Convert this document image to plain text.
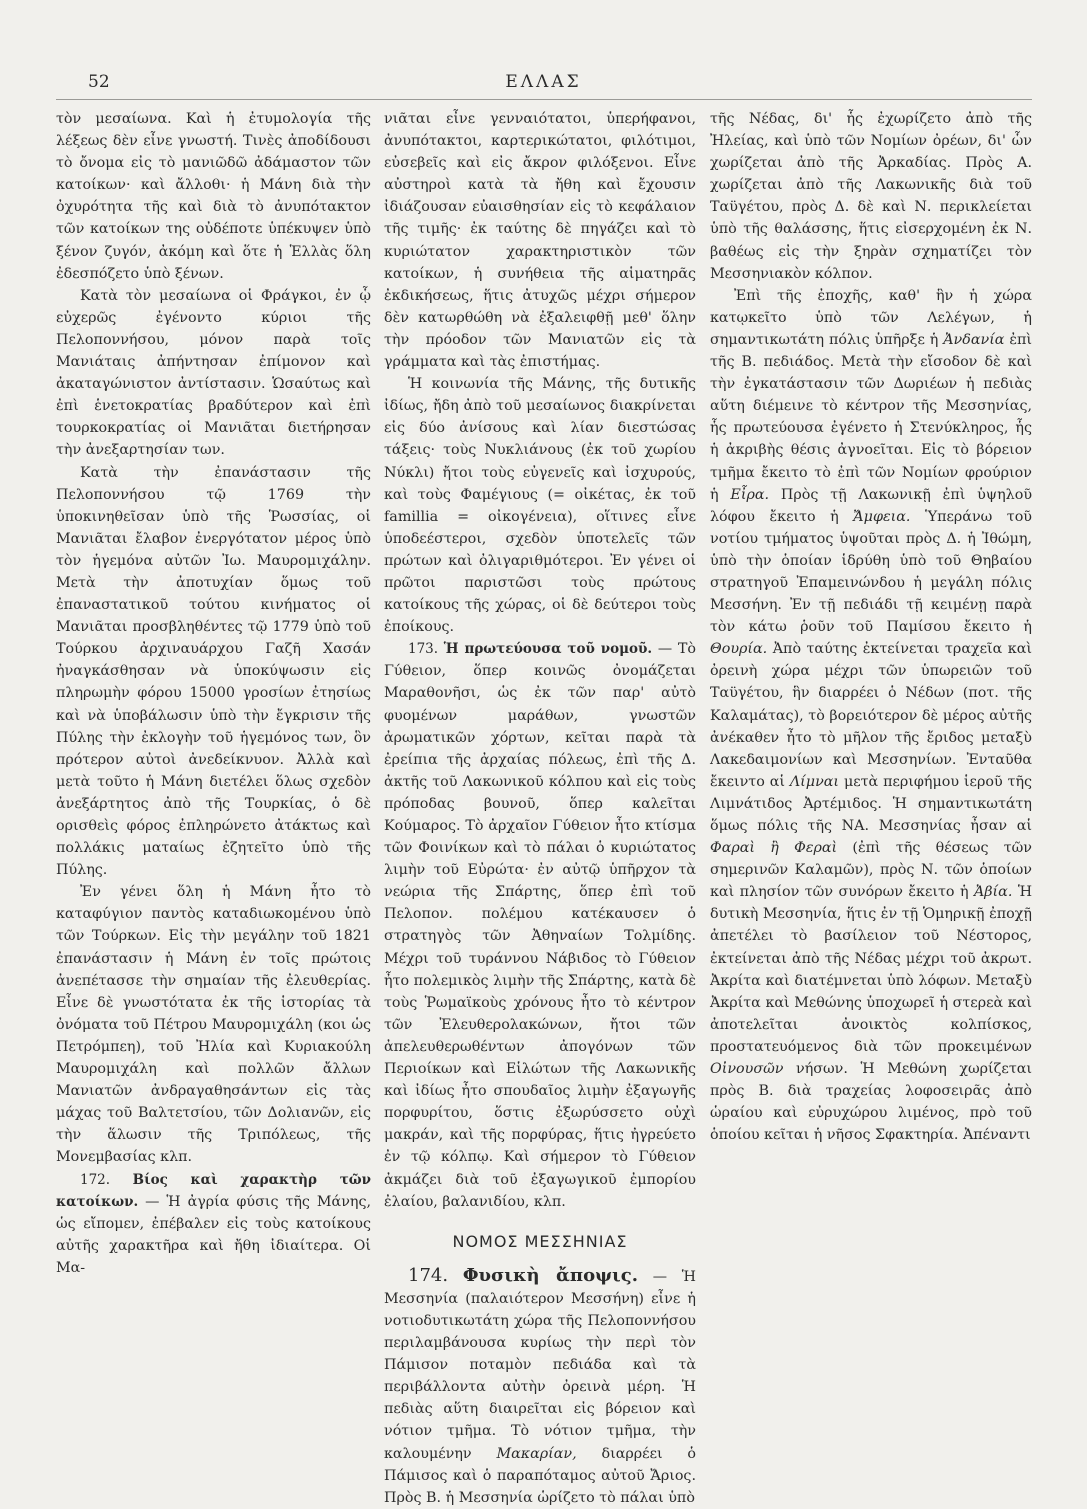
52	ΕΛΛΑΣ

τὸν μεσαίωνα. Καὶ ἡ ἐτυμολογία τῆς λέξεως δὲν εἶνε γνωστή. Τινὲς ἀποδίδουσι τὸ ὄνομα εἰς τὸ μανιῶδῶ ἀδάμαστον τῶν κατοίκων· καὶ ἄλλοθι· ἡ Μάνη διὰ τὴν ὀχυρότητα τῆς καὶ διὰ τὸ ἀνυπότακτον τῶν κατοίκων της οὐδέποτε ὑπέκυψεν ὑπὸ ξένον ζυγόν, ἀκόμη καὶ ὅτε ἡ Ἑλλὰς ὅλη ἐδεσπόζετο ὑπὸ ξένων.

Κατὰ τὸν μεσαίωνα οἱ Φράγκοι, ἐν ᾧ εὐχερῶς ἐγένοντο κύριοι τῆς Πελοποννήσου, μόνον παρὰ τοῖς Μανιάταις ἀπήντησαν ἐπίμονον καὶ ἀκαταγώνιστον ἀντίστασιν. Ὡσαύτως καὶ ἐπὶ ἑνετοκρατίας βραδύτερον καὶ ἐπὶ τουρκοκρατίας οἱ Μανιᾶται διετήρησαν τὴν ἀνεξαρτησίαν των.

Κατὰ τὴν ἐπανάστασιν τῆς Πελοποννήσου τῷ 1769 τὴν ὑποκινηθεῖσαν ὑπὸ τῆς Ῥωσσίας, οἱ Μανιᾶται ἔλαβον ἐνεργότατον μέρος ὑπὸ τὸν ἡγεμόνα αὐτῶν Ἰω. Μαυρομιχάλην. Μετὰ τὴν ἀποτυχίαν ὅμως τοῦ ἐπαναστατικοῦ τούτου κινήματος οἱ Μανιᾶται προσβληθέντες τῷ 1779 ὑπὸ τοῦ Τούρκου ἀρχιναυάρχου Γαζῆ Χασάν ἠναγκάσθησαν νὰ ὑποκύψωσιν εἰς πληρωμὴν φόρου 15000 γροσίων ἐτησίως καὶ νὰ ὑποβάλωσιν ὑπὸ τὴν ἔγκρισιν τῆς Πύλης τὴν ἐκλογὴν τοῦ ἡγεμόνος των, ὃν πρότερον αὐτοὶ ἀνεδείκνυον. Ἀλλὰ καὶ μετὰ τοῦτο ἡ Μάνη διετέλει ὅλως σχεδὸν ἀνεξάρτητος ἀπὸ τῆς Τουρκίας, ὁ δὲ ορισθεὶς φόρος ἐπληρώνετο ἀτάκτως καὶ πολλάκις ματαίως ἐζητεῖτο ὑπὸ τῆς Πύλης.

Ἐν γένει ὅλη ἡ Μάνη ἦτο τὸ καταφύγιον παντὸς καταδιωκομένου ὑπὸ τῶν Τούρκων. Εἰς τὴν μεγάλην τοῦ 1821 ἐπανάστασιν ἡ Μάνη ἐν τοῖς πρώτοις ἀνεπέτασσε τὴν σημαίαν τῆς ἐλευθερίας. Εἶνε δὲ γνωστότατα ἐκ τῆς ἱστορίας τὰ ὀνόματα τοῦ Πέτρου Μαυρομιχάλη (κοι ὡς Πετρόμπεη), τοῦ Ἠλία καὶ Κυριακούλη Μαυρομιχάλη καὶ πολλῶν ἄλλων Μανιατῶν ἀνδραγαθησάντων εἰς τὰς μάχας τοῦ Βαλτετσίου, τῶν Δολιανῶν, εἰς τὴν ἅλωσιν τῆς Τριπόλεως, τῆς Μονεμβασίας κλπ.

172. Βίος καὶ χαρακτὴρ τῶν κατοίκων. — Ἡ ἀγρία φύσις τῆς Μάνης, ὡς εἴπομεν, ἐπέβαλεν εἰς τοὺς κατοίκους αὐτῆς χαρακτῆρα καὶ ἤθη ἰδιαίτερα. Οἱ Μα-

νιᾶται εἶνε γενναιότατοι, ὑπερήφανοι, ἀνυπότακτοι, καρτερικώτατοι, φιλότιμοι, εὐσεβεῖς καὶ εἰς ἄκρον φιλόξενοι. Εἶνε αὐστηροὶ κατὰ τὰ ἤθη καὶ ἔχουσιν ἰδιάζουσαν εὐαισθησίαν εἰς τὸ κεφάλαιον τῆς τιμῆς· ἐκ ταύτης δὲ πηγάζει καὶ τὸ κυριώτατον χαρακτηριστικὸν τῶν κατοίκων, ἡ συνήθεια τῆς αἱματηρᾶς ἐκδικήσεως, ἥτις ἀτυχῶς μέχρι σήμερον δὲν κατωρθώθη νὰ ἐξαλειφθῇ μεθ' ὅλην τὴν πρόοδον τῶν Μανιατῶν εἰς τὰ γράμματα καὶ τὰς ἐπιστήμας.

Ἡ κοινωνία τῆς Μάνης, τῆς δυτικῆς ἰδίως, ἤδη ἀπὸ τοῦ μεσαίωνος διακρίνεται εἰς δύο ἀνίσους καὶ λίαν διεστώσας τάξεις· τοὺς Νυκλιάνους (ἐκ τοῦ χωρίου Νύκλι) ἤτοι τοὺς εὐγενεῖς καὶ ἰσχυρούς, καὶ τοὺς Φαμέγιους (= οἰκέτας, ἐκ τοῦ famillia = οἰκογένεια), οἵτινες εἶνε ὑποδεέστεροι, σχεδὸν ὑποτελεῖς τῶν πρώτων καὶ ὀλιγαριθμότεροι. Ἐν γένει οἱ πρῶτοι παριστῶσι τοὺς πρώτους κατοίκους τῆς χώρας, οἱ δὲ δεύτεροι τοὺς ἐποίκους.

173. Ἡ πρωτεύουσα τοῦ νομοῦ. — Τὸ Γύθειον, ὅπερ κοινῶς ὀνομάζεται Μαραθονῆσι, ὡς ἐκ τῶν παρ' αὐτὸ φυομένων μαράθων, γνωστῶν ἀρωματικῶν χόρτων, κεῖται παρὰ τὰ ἐρείπια τῆς ἀρχαίας πόλεως, ἐπὶ τῆς Δ. ἀκτῆς τοῦ Λακωνικοῦ κόλπου καὶ εἰς τοὺς πρόποδας βουνοῦ, ὅπερ καλεῖται Κούμαρος. Τὸ ἀρχαῖον Γύθειον ἦτο κτίσμα τῶν Φοινίκων καὶ τὸ πάλαι ὁ κυριώτατος λιμὴν τοῦ Εὐρώτα· ἐν αὐτῷ ὑπῆρχον τὰ νεώρια τῆς Σπάρτης, ὅπερ ἐπὶ τοῦ Πελοπον. πολέμου κατέκαυσεν ὁ στρατηγὸς τῶν Ἀθηναίων Τολμίδης. Μέχρι τοῦ τυράννου Νάβιδος τὸ Γύθειον ἦτο πολεμικὸς λιμὴν τῆς Σπάρτης, κατὰ δὲ τοὺς Ῥωμαϊκοὺς χρόνους ἦτο τὸ κέντρον τῶν Ἐλευθερολακώνων, ἤτοι τῶν ἀπελευθερωθέντων ἀπογόνων τῶν Περιοίκων καὶ Εἱλώτων τῆς Λακωνικῆς καὶ ἰδίως ἦτο σπουδαῖος λιμὴν ἐξαγωγῆς πορφυρίτου, ὅστις ἐξωρύσσετο οὐχὶ μακράν, καὶ τῆς πορφύρας, ἥτις ἠγρεύετο ἐν τῷ κόλπῳ. Καὶ σήμερον τὸ Γύθειον ἀκμάζει διὰ τοῦ ἐξαγωγικοῦ ἐμπορίου ἐλαίου, βαλανιδίου, κλπ.

ΝΟΜΟΣ ΜΕΣΣΗΝΙΑΣ

174. Φυσικὴ ἄποψις. — Ἡ Μεσσηνία (παλαιότερον Μεσσήνη) εἶνε ἡ νοτιοδυτικωτάτη χώρα τῆς Πελοποννήσου περιλαμβάνουσα κυρίως τὴν περὶ τὸν Πάμισον ποταμὸν πεδιάδα καὶ τὰ περιβάλλοντα αὐτὴν ὀρεινὰ μέρη. Ἡ πεδιὰς αὕτη διαιρεῖται εἰς βόρειον καὶ νότιον τμῆμα. Τὸ νότιον τμῆμα, τὴν καλουμένην Μακαρίαν, διαρρέει ὁ Πάμισος καὶ ὁ παραπόταμος αὐτοῦ Ἄριος. Πρὸς Β. ἡ Μεσσηνία ὡρίζετο τὸ πάλαι ὑπὸ

τῆς Νέδας, δι' ἧς ἐχωρίζετο ἀπὸ τῆς Ἠλείας, καὶ ὑπὸ τῶν Νομίων ὀρέων, δι' ὧν χωρίζεται ἀπὸ τῆς Ἀρκαδίας. Πρὸς Α. χωρίζεται ἀπὸ τῆς Λακωνικῆς διὰ τοῦ Ταϋγέτου, πρὸς Δ. δὲ καὶ Ν. περικλείεται ὑπὸ τῆς θαλάσσης, ἥτις εἰσερχομένη ἐκ Ν. βαθέως εἰς τὴν ξηρὰν σχηματίζει τὸν Μεσσηνιακὸν κόλπον.

Ἐπὶ τῆς ἐποχῆς, καθ' ἣν ἡ χώρα κατῳκεῖτο ὑπὸ τῶν Λελέγων, ἡ σημαντικωτάτη πόλις ὑπῆρξε ἡ Ἀνδανία ἐπὶ τῆς Β. πεδιάδος. Μετὰ τὴν εἴσοδον δὲ καὶ τὴν ἐγκατάστασιν τῶν Δωριέων ἡ πεδιὰς αὕτη διέμεινε τὸ κέντρον τῆς Μεσσηνίας, ἧς πρωτεύουσα ἐγένετο ἡ Στενύκληρος, ἧς ἡ ἀκριβὴς θέσις ἀγνοεῖται. Εἰς τὸ βόρειον τμῆμα ἔκειτο τὸ ἐπὶ τῶν Νομίων φρούριον ἡ Εἶρα. Πρὸς τῇ Λακωνικῇ ἐπὶ ὑψηλοῦ λόφου ἔκειτο ἡ Ἄμφεια. Ὑπεράνω τοῦ νοτίου τμήματος ὑψοῦται πρὸς Δ. ἡ Ἰθώμη, ὑπὸ τὴν ὁποίαν ἱδρύθη ὑπὸ τοῦ Θηβαίου στρατηγοῦ Ἐπαμεινώνδου ἡ μεγάλη πόλις Μεσσήνη. Ἐν τῇ πεδιάδι τῇ κειμένῃ παρὰ τὸν κάτω ῥοῦν τοῦ Παμίσου ἔκειτο ἡ Θουρία. Ἀπὸ ταύτης ἐκτείνεται τραχεῖα καὶ ὀρεινὴ χώρα μέχρι τῶν ὑπωρειῶν τοῦ Ταϋγέτου, ἣν διαρρέει ὁ Νέδων (ποτ. τῆς Καλαμάτας), τὸ βορειότερον δὲ μέρος αὐτῆς ἀνέκαθεν ἦτο τὸ μῆλον τῆς ἔριδος μεταξὺ Λακεδαιμονίων καὶ Μεσσηνίων. Ἐνταῦθα ἔκειντο αἱ Λίμναι μετὰ περιφήμου ἱεροῦ τῆς Λιμνάτιδος Ἀρτέμιδος. Ἡ σημαντικωτάτη ὅμως πόλις τῆς ΝΑ. Μεσσηνίας ἦσαν αἱ Φαραὶ ἢ Φεραὶ (ἐπὶ τῆς θέσεως τῶν σημερινῶν Καλαμῶν), πρὸς Ν. τῶν ὁποίων καὶ πλησίον τῶν συνόρων ἔκειτο ἡ Ἀβία. Ἡ δυτικὴ Μεσσηνία, ἥτις ἐν τῇ Ὁμηρικῇ ἐποχῇ ἀπετέλει τὸ βασίλειον τοῦ Νέστορος, ἐκτείνεται ἀπὸ τῆς Νέδας μέχρι τοῦ ἀκρωτ. Ἀκρίτα καὶ διατέμνεται ὑπὸ λόφων. Μεταξὺ Ἀκρίτα καὶ Μεθώνης ὑποχωρεῖ ἡ στερεὰ καὶ ἀποτελεῖται ἀνοικτὸς κολπίσκος, προστατευόμενος διὰ τῶν προκειμένων Οἰνουσῶν νήσων. Ἡ Μεθώνη χωρίζεται πρὸς Β. διὰ τραχείας λοφοσειρᾶς ἀπὸ ὡραίου καὶ εὐρυχώρου λιμένος, πρὸ τοῦ ὁποίου κεῖται ἡ νῆσος Σφακτηρία. Ἀπέναντι
